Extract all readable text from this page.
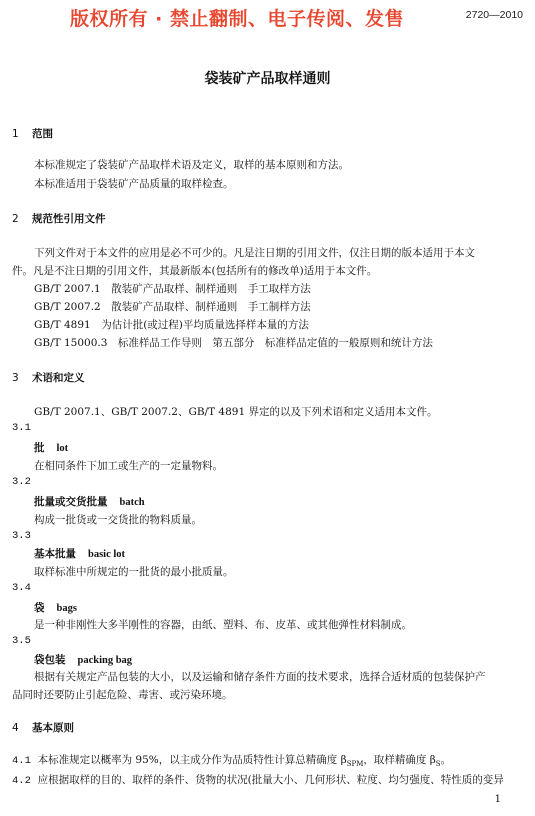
版权所有 · 禁止翻制、电子传阅、发售	2720—2010
袋装矿产品取样通则
1 范围
本标准规定了袋装矿产品取样术语及定义，取样的基本原则和方法。
本标准适用于袋装矿产品质量的取样检查。
2 规范性引用文件
下列文件对于本文件的应用是必不可少的。凡是注日期的引用文件，仅注日期的版本适用于本文
件。凡是不注日期的引用文件，其最新版本(包括所有的修改单)适用于本文件。
GB/T 2007.1　散装矿产品取样、制样通则　手工取样方法
GB/T 2007.2　散装矿产品取样、制样通则　手工制样方法
GB/T 4891　为估计批(或过程)平均质量选择样本量的方法
GB/T 15000.3　标准样品工作导则　第五部分　标准样品定值的一般原则和统计方法
3 术语和定义
GB/T 2007.1、GB/T 2007.2、GB/T 4891 界定的以及下列术语和定义适用本文件。
3.1
批 lot
在相同条件下加工或生产的一定量物料。
3.2
批量或交货批量 batch
构成一批货或一交货批的物料质量。
3.3
基本批量 basic lot
取样标准中所规定的一批货的最小批质量。
3.4
袋 bags
是一种非刚性大多半刚性的容器，由纸、塑料、布、皮革、或其他弹性材料制成。
3.5
袋包装 packing bag
根据有关规定产品包装的大小，以及运输和储存条件方面的技术要求，选择合适材质的包装保护产
品同时还要防止引起危险、毒害、或污染环境。
4 基本原则
4.1 本标准规定以概率为 95%，以主成分作为品质特性计算总精确度 $\beta_{SPM}$，取样精确度 $\beta_S$。
4.2 应根据取样的目的、取样的条件、货物的状况(批量大小、几何形状、粒度、均匀强度、特性质的变异
1
